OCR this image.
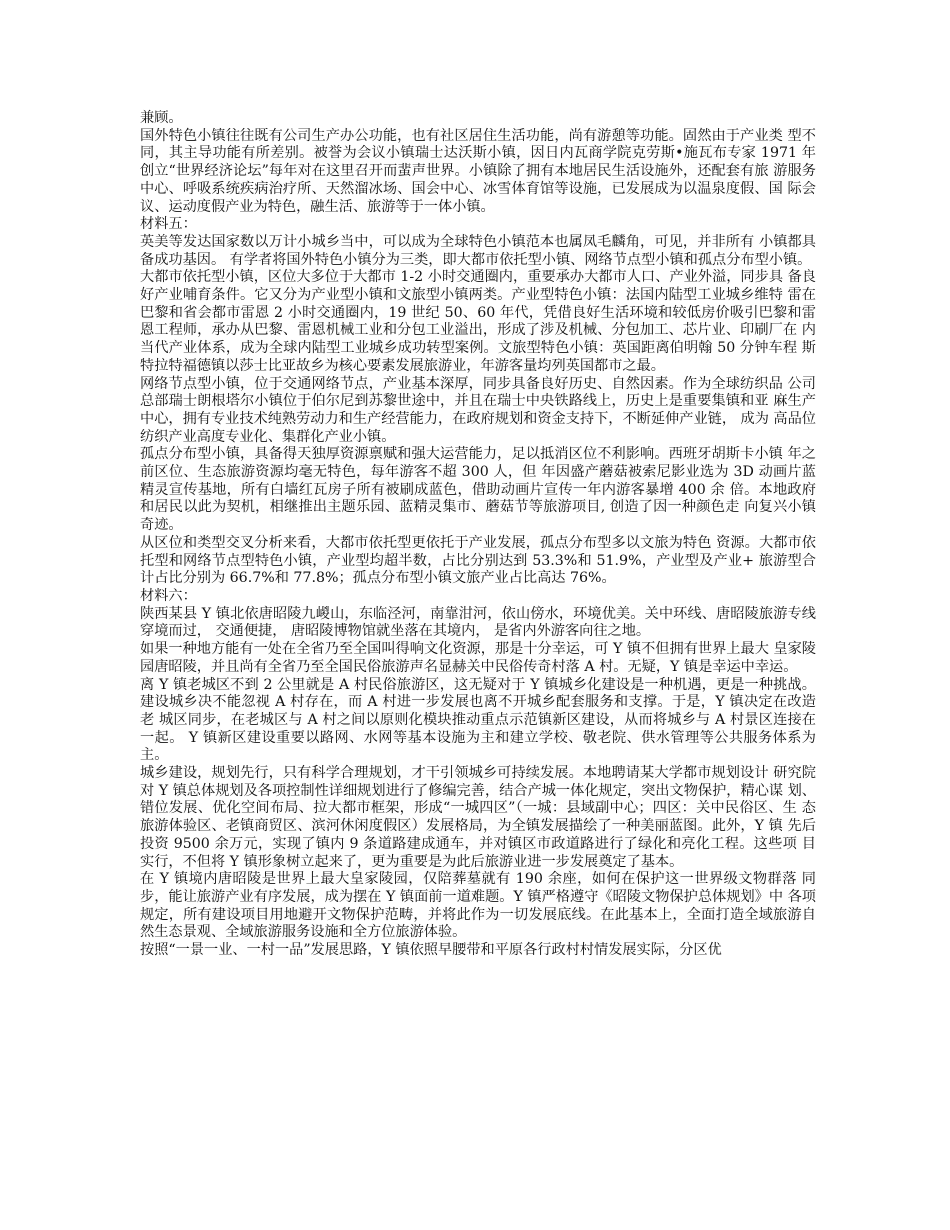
兼顾。

国外特色小镇往往既有公司生产办公功能，也有社区居住生活功能，尚有游憩等功能。固然由于产业类 型不同，其主导功能有所差别。被誉为会议小镇瑞士达沃斯小镇，因日内瓦商学院克劳斯•施瓦布专家 1971 年创立“世界经济论坛”每年对在这里召开而蜚声世界。小镇除了拥有本地居民生活设施外，还配套有旅 游服务中心、呼吸系统疾病治疗所、天然溜冰场、国会中心、冰雪体育馆等设施，已发展成为以温泉度假、国 际会议、运动度假产业为特色，融生活、旅游等于一体小镇。

材料五：

英美等发达国家数以万计小城乡当中，可以成为全球特色小镇范本也属凤毛麟角，可见，并非所有 小镇都具备成功基因。 有学者将国外特色小镇分为三类，即大都市依托型小镇、网络节点型小镇和孤点分布型小镇。

大都市依托型小镇，区位大多位于大都市 1-2 小时交通圈内，重要承办大都市人口、产业外溢，同步具 备良好产业哺育条件。它又分为产业型小镇和文旅型小镇两类。产业型特色小镇：法国内陆型工业城乡维特 雷在巴黎和省会都市雷恩 2 小时交通圈内，19 世纪 50、60 年代，凭借良好生活环境和较低房价吸引巴黎和雷 恩工程师，承办从巴黎、雷恩机械工业和分包工业溢出，形成了涉及机械、分包加工、芯片业、印刷厂在 内当代产业体系，成为全球内陆型工业城乡成功转型案例。文旅型特色小镇：英国距离伯明翰 50 分钟车程 斯特拉特福德镇以莎士比亚故乡为核心要素发展旅游业，年游客量均列英国都市之最。

网络节点型小镇，位于交通网络节点，产业基本深厚，同步具备良好历史、自然因素。作为全球纺织品 公司总部瑞士朗根塔尔小镇位于伯尔尼到苏黎世途中，并且在瑞士中央铁路线上，历史上是重要集镇和亚 麻生产中心，拥有专业技术纯熟劳动力和生产经营能力，在政府规划和资金支持下，不断延伸产业链， 成为 高品位纺织产业高度专业化、集群化产业小镇。

孤点分布型小镇，具备得天独厚资源禀赋和强大运营能力，足以抵消区位不利影响。西班牙胡斯卡小镇 年之前区位、生态旅游资源均毫无特色，每年游客不超 300 人，但 年因盛产蘑菇被索尼影业选为 3D 动画片蓝精灵宣传基地，所有白墙红瓦房子所有被刷成蓝色，借助动画片宣传一年内游客暴增 400 余 倍。本地政府和居民以此为契机，相继推出主题乐园、蓝精灵集市、蘑菇节等旅游项目, 创造了因一种颜色走 向复兴小镇奇迹。

从区位和类型交叉分析来看，大都市依托型更依托于产业发展，孤点分布型多以文旅为特色 资源。大都市依托型和网络节点型特色小镇，产业型均超半数，占比分别达到 53.3%和 51.9%，产业型及产业+ 旅游型合计占比分别为 66.7%和 77.8%；孤点分布型小镇文旅产业占比高达 76%。

材料六：

陕西某县 Y 镇北依唐昭陵九嵕山，东临泾河，南靠泔河，依山傍水，环境优美。关中环线、唐昭陵旅游专线穿境而过， 交通便捷， 唐昭陵博物馆就坐落在其境内， 是省内外游客向往之地。

如果一种地方能有一处在全省乃至全国叫得响文化资源，那是十分幸运，可 Y 镇不但拥有世界上最大 皇家陵园唐昭陵，并且尚有全省乃至全国民俗旅游声名显赫关中民俗传奇村落 A 村。无疑，Y 镇是幸运中幸运。

离 Y 镇老城区不到 2 公里就是 A 村民俗旅游区，这无疑对于 Y 镇城乡化建设是一种机遇，更是一种挑战。 建设城乡决不能忽视 A 村存在，而 A 村进一步发展也离不开城乡配套服务和支撑。于是，Y 镇决定在改造老 城区同步，在老城区与 A 村之间以原则化模块推动重点示范镇新区建设，从而将城乡与 A 村景区连接在一起。 Y 镇新区建设重要以路网、水网等基本设施为主和建立学校、敬老院、供水管理等公共服务体系为主。

城乡建设，规划先行，只有科学合理规划，才干引领城乡可持续发展。本地聘请某大学都市规划设计 研究院对 Y 镇总体规划及各项控制性详细规划进行了修编完善，结合产城一体化规定，突出文物保护，精心谋 划、错位发展、优化空间布局、拉大都市框架，形成“一城四区”（一城：县域副中心；四区：关中民俗区、生 态旅游体验区、老镇商贸区、滨河休闲度假区）发展格局，为全镇发展描绘了一种美丽蓝图。此外，Y 镇 先后投资 9500 余万元，实现了镇内 9 条道路建成通车，并对镇区市政道路进行了绿化和亮化工程。这些项 目实行，不但将 Y 镇形象树立起来了，更为重要是为此后旅游业进一步发展奠定了基本。

在 Y 镇境内唐昭陵是世界上最大皇家陵园，仅陪葬墓就有 190 余座，如何在保护这一世界级文物群落 同步，能让旅游产业有序发展，成为摆在 Y 镇面前一道难题。Y 镇严格遵守《昭陵文物保护总体规划》中 各项规定，所有建设项目用地避开文物保护范畴，并将此作为一切发展底线。在此基本上，全面打造全域旅游自 然生态景观、全域旅游服务设施和全方位旅游体验。

按照“一景一业、一村一品”发展思路，Y 镇依照早腰带和平原各行政村村情发展实际，分区优
